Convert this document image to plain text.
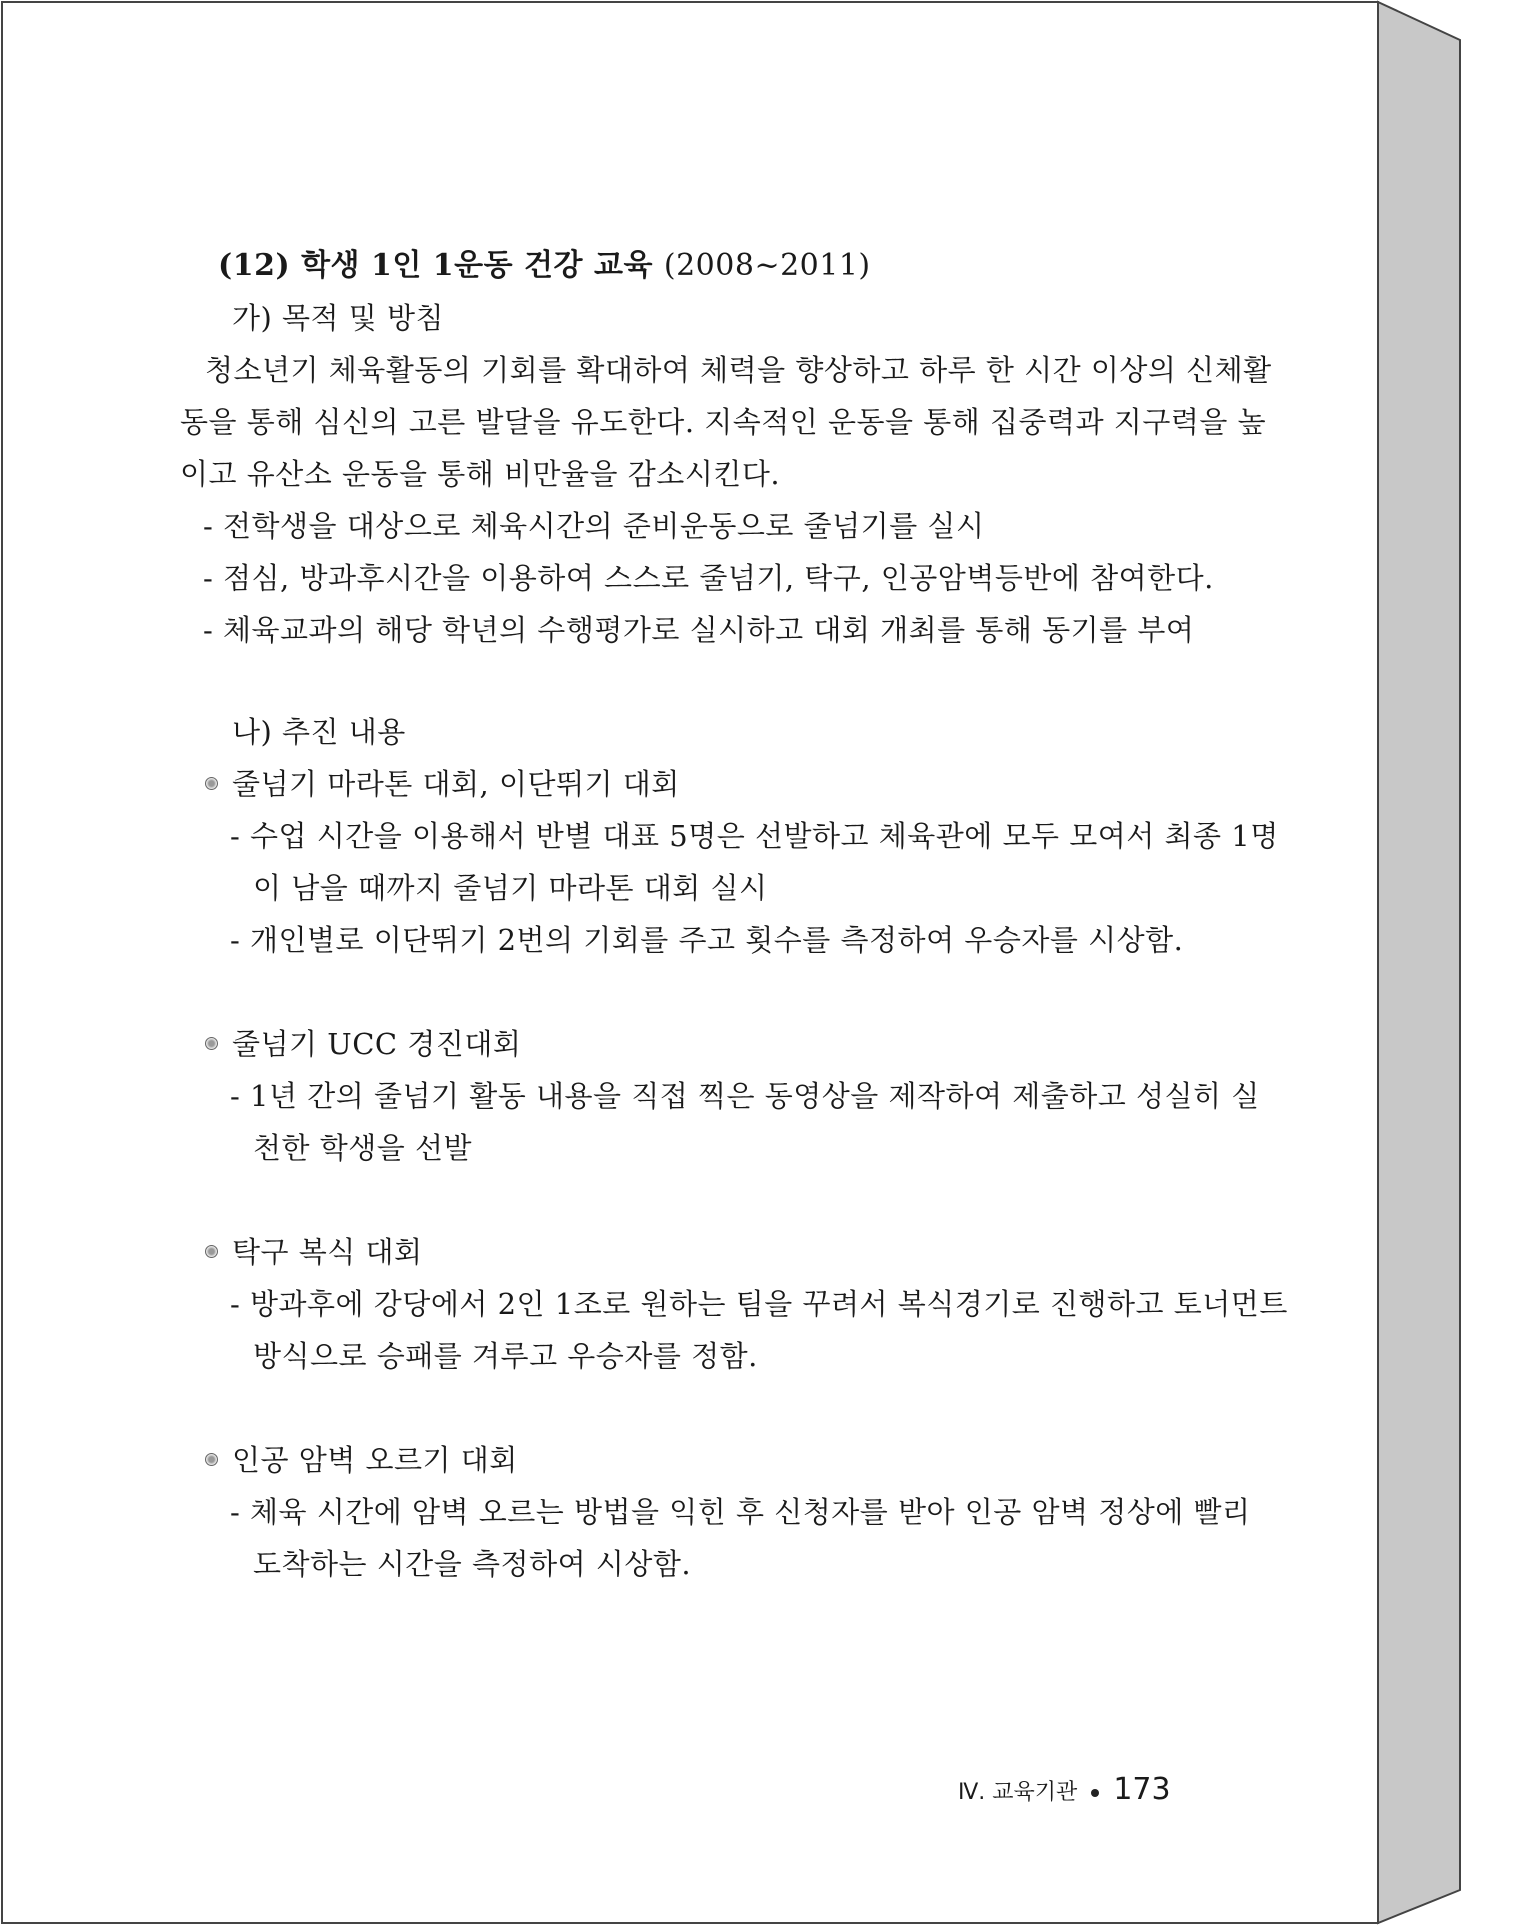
(12) 학생 1인 1운동 건강 교육 (2008~2011)
가) 목적 및 방침
청소년기 체육활동의 기회를 확대하여 체력을 향상하고 하루 한 시간 이상의 신체활
동을 통해 심신의 고른 발달을 유도한다. 지속적인 운동을 통해 집중력과 지구력을 높
이고 유산소 운동을 통해 비만율을 감소시킨다.
- 전학생을 대상으로 체육시간의 준비운동으로 줄넘기를 실시
- 점심, 방과후시간을 이용하여 스스로 줄넘기, 탁구, 인공암벽등반에 참여한다.
- 체육교과의 해당 학년의 수행평가로 실시하고 대회 개최를 통해 동기를 부여
나) 추진 내용
줄넘기 마라톤 대회, 이단뛰기 대회
- 수업 시간을 이용해서 반별 대표 5명은 선발하고 체육관에 모두 모여서 최종 1명
이 남을 때까지 줄넘기 마라톤 대회 실시
- 개인별로 이단뛰기 2번의 기회를 주고 횟수를 측정하여 우승자를 시상함.
줄넘기 UCC 경진대회
- 1년 간의 줄넘기 활동 내용을 직접 찍은 동영상을 제작하여 제출하고 성실히 실
천한 학생을 선발
탁구 복식 대회
- 방과후에 강당에서 2인 1조로 원하는 팀을 꾸려서 복식경기로 진행하고 토너먼트
방식으로 승패를 겨루고 우승자를 정함.
인공 암벽 오르기 대회
- 체육 시간에 암벽 오르는 방법을 익힌 후 신청자를 받아 인공 암벽 정상에 빨리
도착하는 시간을 측정하여 시상함.
Ⅳ. 교육기관 173
